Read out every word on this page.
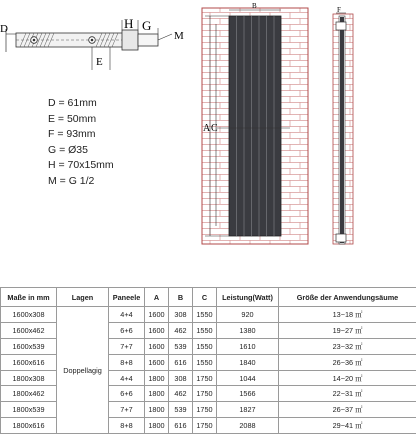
D	H G
M
E
B
A C
F
D = 61mm
E = 50mm
F = 93mm
G = Ø35
H = 70x15mm
M = G 1/2
Maße in mm	Lagen	Paneele	A	B	C	Leistung(Watt)	Größe der Anwendungsäume
1600x308	Doppellagig	4+4	1600	308	1550	920	13~18 ㎡
1600x462		6+6	1600	462	1550	1380	19~27 ㎡
1600x539		7+7	1600	539	1550	1610	23~32 ㎡
1600x616		8+8	1600	616	1550	1840	26~36 ㎡
1800x308		4+4	1800	308	1750	1044	14~20 ㎡
1800x462		6+6	1800	462	1750	1566	22~31 ㎡
1800x539		7+7	1800	539	1750	1827	26~37 ㎡
1800x616		8+8	1800	616	1750	2088	29~41 ㎡
